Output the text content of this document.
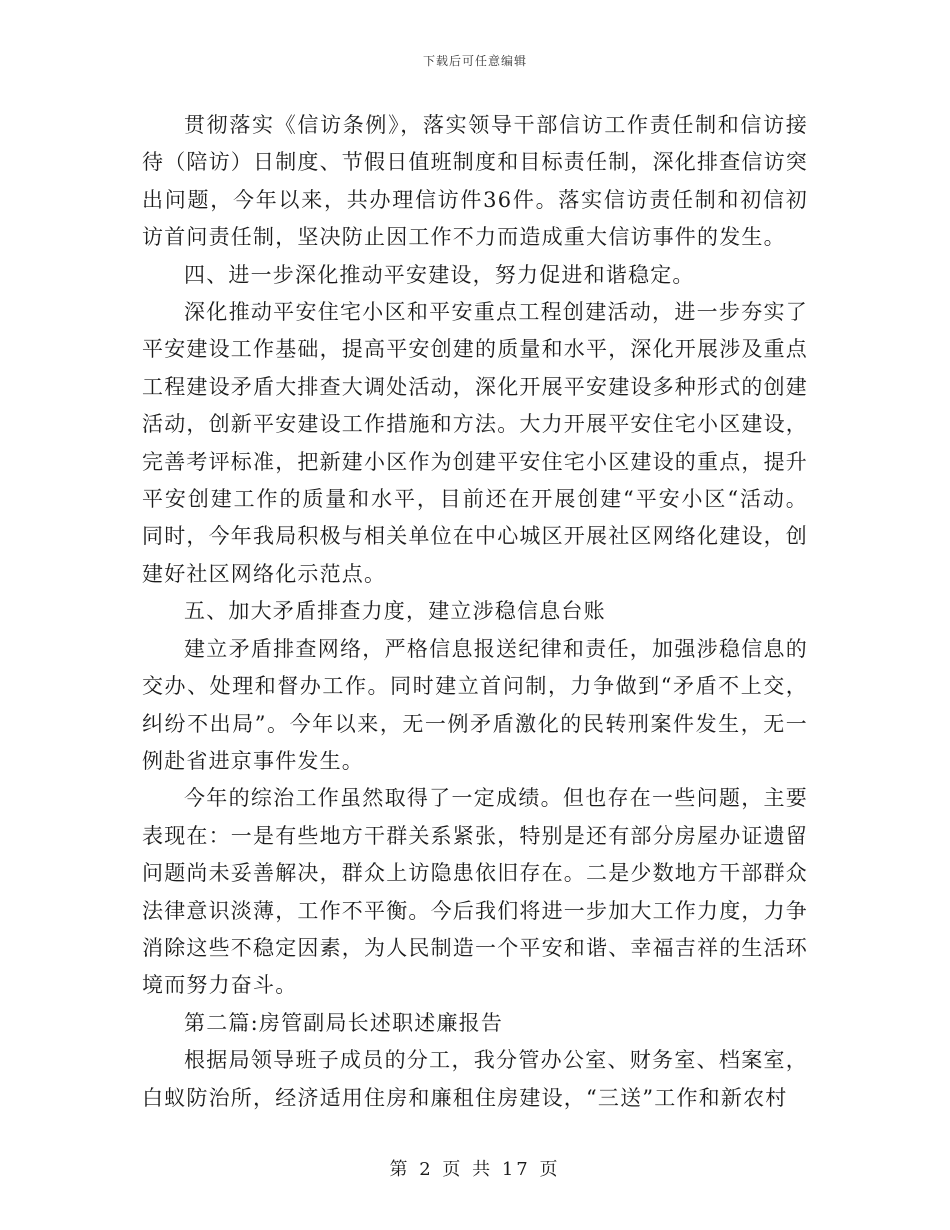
下载后可任意编辑

贯彻落实《信访条例》，落实领导干部信访工作责任制和信访接待（陪访）日制度、节假日值班制度和目标责任制，深化排查信访突出问题，今年以来，共办理信访件36件。落实信访责任制和初信初访首问责任制，坚决防止因工作不力而造成重大信访事件的发生。

四、进一步深化推动平安建设，努力促进和谐稳定。

深化推动平安住宅小区和平安重点工程创建活动，进一步夯实了平安建设工作基础，提高平安创建的质量和水平，深化开展涉及重点工程建设矛盾大排查大调处活动，深化开展平安建设多种形式的创建活动，创新平安建设工作措施和方法。大力开展平安住宅小区建设，完善考评标准，把新建小区作为创建平安住宅小区建设的重点，提升平安创建工作的质量和水平，目前还在开展创建“平安小区“活动。同时，今年我局积极与相关单位在中心城区开展社区网络化建设，创建好社区网络化示范点。

五、加大矛盾排查力度，建立涉稳信息台账

建立矛盾排查网络，严格信息报送纪律和责任，加强涉稳信息的交办、处理和督办工作。同时建立首问制，力争做到“矛盾不上交，纠纷不出局”。今年以来，无一例矛盾激化的民转刑案件发生，无一例赴省进京事件发生。

今年的综治工作虽然取得了一定成绩。但也存在一些问题，主要表现在：一是有些地方干群关系紧张，特别是还有部分房屋办证遗留问题尚未妥善解决，群众上访隐患依旧存在。二是少数地方干部群众法律意识淡薄，工作不平衡。今后我们将进一步加大工作力度，力争消除这些不稳定因素，为人民制造一个平安和谐、幸福吉祥的生活环境而努力奋斗。

第二篇:房管副局长述职述廉报告

根据局领导班子成员的分工，我分管办公室、财务室、档案室，白蚁防治所，经济适用住房和廉租住房建设，“三送”工作和新农村

第 2 页 共 17 页
